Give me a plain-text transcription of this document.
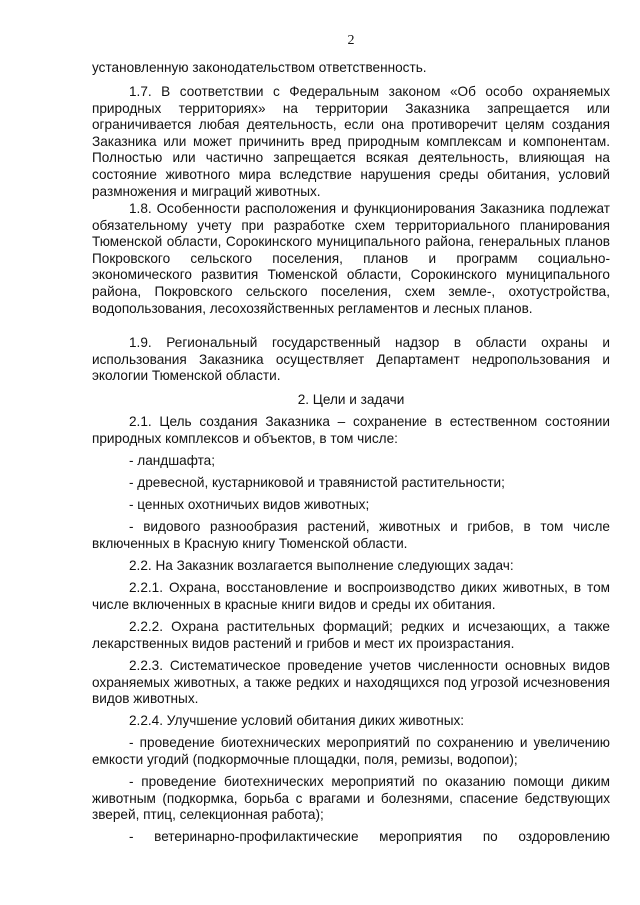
2

установленную законодательством ответственность.

1.7. В соответствии с Федеральным законом «Об особо охраняемых природных территориях» на территории Заказника запрещается или ограничивается любая деятельность, если она противоречит целям создания Заказника или может причинить вред природным комплексам и компонентам. Полностью или частично запрещается всякая деятельность, влияющая на состояние животного мира вследствие нарушения среды обитания, условий размножения и миграций животных.

1.8. Особенности расположения и функционирования Заказника подлежат обязательному учету при разработке схем территориального планирования Тюменской области, Сорокинского муниципального района, генеральных планов Покровского сельского поселения, планов и программ социально-экономического развития Тюменской области, Сорокинского муниципального района, Покровского сельского поселения, схем земле-, охотустройства, водопользования, лесохозяйственных регламентов и лесных планов.

1.9. Региональный государственный надзор в области охраны и использования Заказника осуществляет Департамент недропользования и экологии Тюменской области.

2. Цели и задачи

2.1. Цель создания Заказника – сохранение в естественном состоянии природных комплексов и объектов, в том числе:

- ландшафта;

- древесной, кустарниковой и травянистой растительности;

- ценных охотничьих видов животных;

- видового разнообразия растений, животных и грибов, в том числе включенных в Красную книгу Тюменской области.

2.2. На Заказник возлагается выполнение следующих задач:

2.2.1. Охрана, восстановление и воспроизводство диких животных, в том числе включенных в красные книги видов и среды их обитания.

2.2.2. Охрана растительных формаций; редких и исчезающих, а также лекарственных видов растений и грибов и мест их произрастания.

2.2.3. Систематическое проведение учетов численности основных видов охраняемых животных, а также редких и находящихся под угрозой исчезновения видов животных.

2.2.4. Улучшение условий обитания диких животных:

- проведение биотехнических мероприятий по сохранению и увеличению емкости угодий (подкормочные площадки, поля, ремизы, водопои);

- проведение биотехнических мероприятий по оказанию помощи диким животным (подкормка, борьба с врагами и болезнями, спасение бедствующих зверей, птиц, селекционная работа);

- ветеринарно-профилактические мероприятия по оздоровлению
